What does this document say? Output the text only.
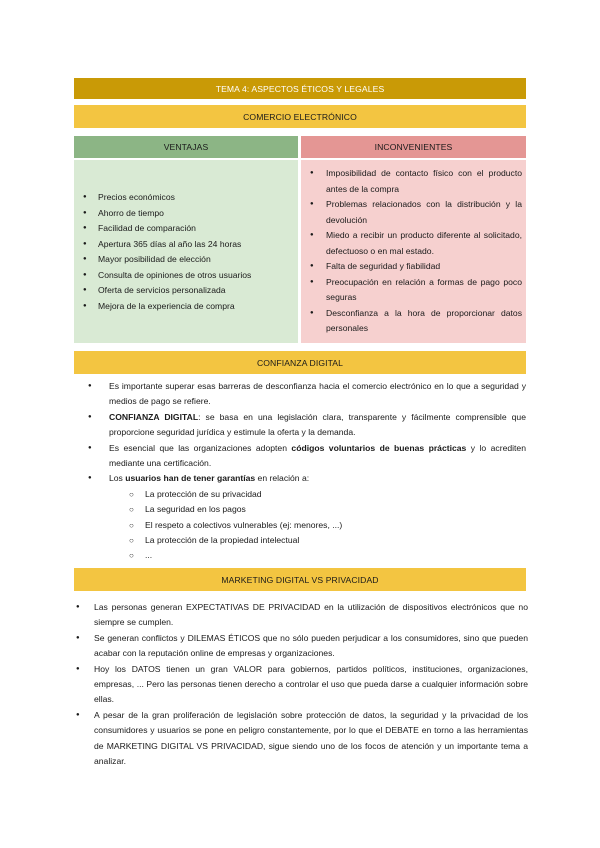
TEMA 4: ASPECTOS ÉTICOS Y LEGALES
COMERCIO ELECTRÓNICO
VENTAJAS	INCONVENIENTES
● Precios económicos
● Ahorro de tiempo
● Facilidad de comparación
● Apertura 365 días al año las 24 horas
● Mayor posibilidad de elección
● Consulta de opiniones de otros usuarios
● Oferta de servicios personalizada
● Mejora de la experiencia de compra
● Imposibilidad de contacto físico con el producto antes de la compra
● Problemas relacionados con la distribución y la devolución
● Miedo a recibir un producto diferente al solicitado, defectuoso o en mal estado.
● Falta de seguridad y fiabilidad
● Preocupación en relación a formas de pago poco seguras
● Desconfianza a la hora de proporcionar datos personales
CONFIANZA DIGITAL
● Es importante superar esas barreras de desconfianza hacia el comercio electrónico en lo que a seguridad y medios de pago se refiere.
● CONFIANZA DIGITAL: se basa en una legislación clara, transparente y fácilmente comprensible que proporcione seguridad jurídica y estimule la oferta y la demanda.
● Es esencial que las organizaciones adopten códigos voluntarios de buenas prácticas y lo acrediten mediante una certificación.
● Los usuarios han de tener garantías en relación a:
○ La protección de su privacidad
○ La seguridad en los pagos
○ El respeto a colectivos vulnerables (ej: menores, ...)
○ La protección de la propiedad intelectual
○ ...
MARKETING DIGITAL VS PRIVACIDAD
● Las personas generan EXPECTATIVAS DE PRIVACIDAD en la utilización de dispositivos electrónicos que no siempre se cumplen.
● Se generan conflictos y DILEMAS ÉTICOS que no sólo pueden perjudicar a los consumidores, sino que pueden acabar con la reputación online de empresas y organizaciones.
● Hoy los DATOS tienen un gran VALOR para gobiernos, partidos políticos, instituciones, organizaciones, empresas, ... Pero las personas tienen derecho a controlar el uso que pueda darse a cualquier información sobre ellas.
● A pesar de la gran proliferación de legislación sobre protección de datos, la seguridad y la privacidad de los consumidores y usuarios se pone en peligro constantemente, por lo que el DEBATE en torno a las herramientas de MARKETING DIGITAL VS PRIVACIDAD, sigue siendo uno de los focos de atención y un importante tema a analizar.
